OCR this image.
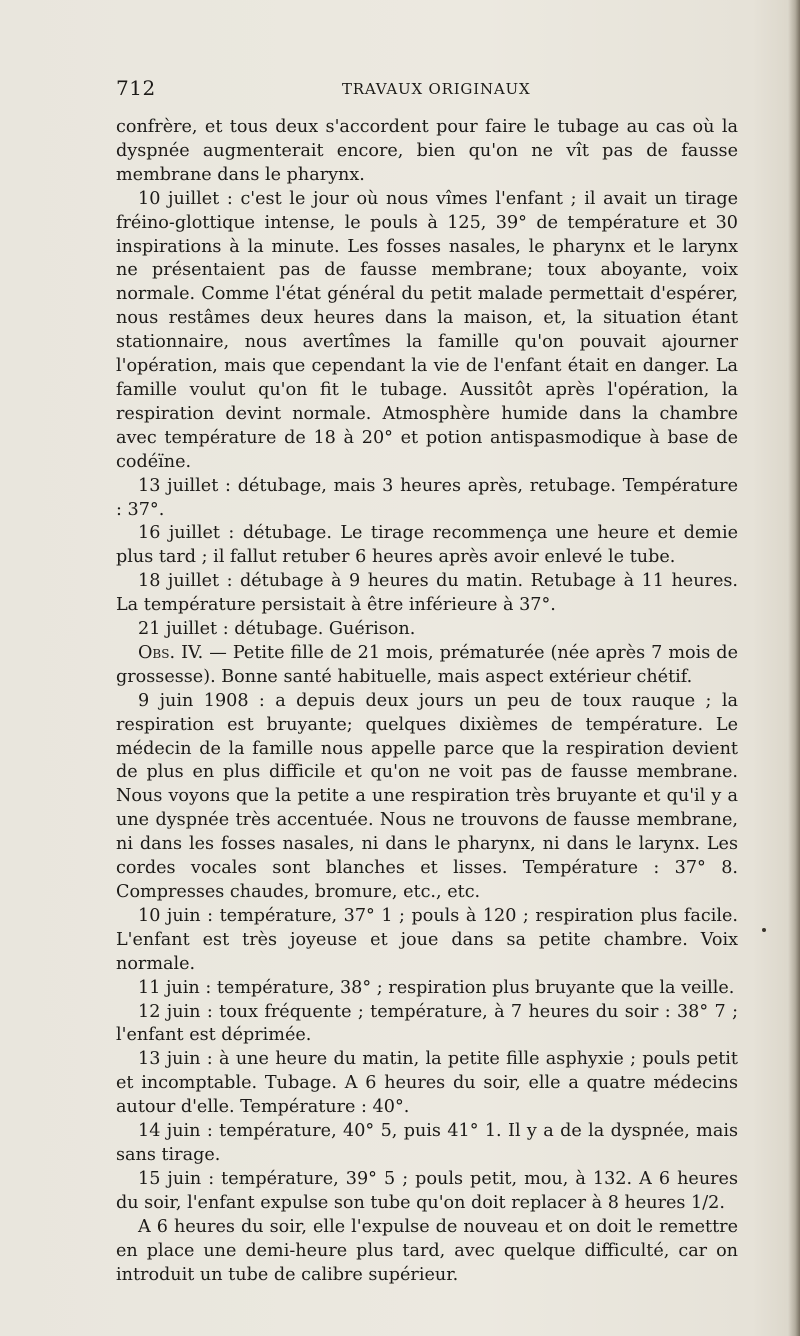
712	TRAVAUX ORIGINAUX

confrère, et tous deux s'accordent pour faire le tubage au cas où la dyspnée augmenterait encore, bien qu'on ne vît pas de fausse membrane dans le pharynx.

10 juillet : c'est le jour où nous vîmes l'enfant ; il avait un tirage fréino-glottique intense, le pouls à 125, 39° de température et 30 inspirations à la minute. Les fosses nasales, le pharynx et le larynx ne présentaient pas de fausse membrane; toux aboyante, voix normale. Comme l'état général du petit malade permettait d'espérer, nous restâmes deux heures dans la maison, et, la situation étant stationnaire, nous avertîmes la famille qu'on pouvait ajourner l'opération, mais que cependant la vie de l'enfant était en danger. La famille voulut qu'on fit le tubage. Aussitôt après l'opération, la respiration devint normale. Atmosphère humide dans la chambre avec température de 18 à 20° et potion antispasmodique à base de codéïne.

13 juillet : détubage, mais 3 heures après, retubage. Température : 37°.

16 juillet : détubage. Le tirage recommença une heure et demie plus tard ; il fallut retuber 6 heures après avoir enlevé le tube.

18 juillet : détubage à 9 heures du matin. Retubage à 11 heures. La température persistait à être inférieure à 37°.

21 juillet : détubage. Guérison.

Obs. IV. — Petite fille de 21 mois, prématurée (née après 7 mois de grossesse). Bonne santé habituelle, mais aspect extérieur chétif.

9 juin 1908 : a depuis deux jours un peu de toux rauque ; la respiration est bruyante; quelques dixièmes de température. Le médecin de la famille nous appelle parce que la respiration devient de plus en plus difficile et qu'on ne voit pas de fausse membrane. Nous voyons que la petite a une respiration très bruyante et qu'il y a une dyspnée très accentuée. Nous ne trouvons de fausse membrane, ni dans les fosses nasales, ni dans le pharynx, ni dans le larynx. Les cordes vocales sont blanches et lisses. Température : 37° 8. Compresses chaudes, bromure, etc., etc.

10 juin : température, 37° 1 ; pouls à 120 ; respiration plus facile. L'enfant est très joyeuse et joue dans sa petite chambre. Voix normale.

11 juin : température, 38° ; respiration plus bruyante que la veille.

12 juin : toux fréquente ; température, à 7 heures du soir : 38° 7 ; l'enfant est déprimée.

13 juin : à une heure du matin, la petite fille asphyxie ; pouls petit et incomptable. Tubage. A 6 heures du soir, elle a quatre médecins autour d'elle. Température : 40°.

14 juin : température, 40° 5, puis 41° 1. Il y a de la dyspnée, mais sans tirage.

15 juin : température, 39° 5 ; pouls petit, mou, à 132. A 6 heures du soir, l'enfant expulse son tube qu'on doit replacer à 8 heures 1/2.

A 6 heures du soir, elle l'expulse de nouveau et on doit le remettre en place une demi-heure plus tard, avec quelque difficulté, car on introduit un tube de calibre supérieur.
